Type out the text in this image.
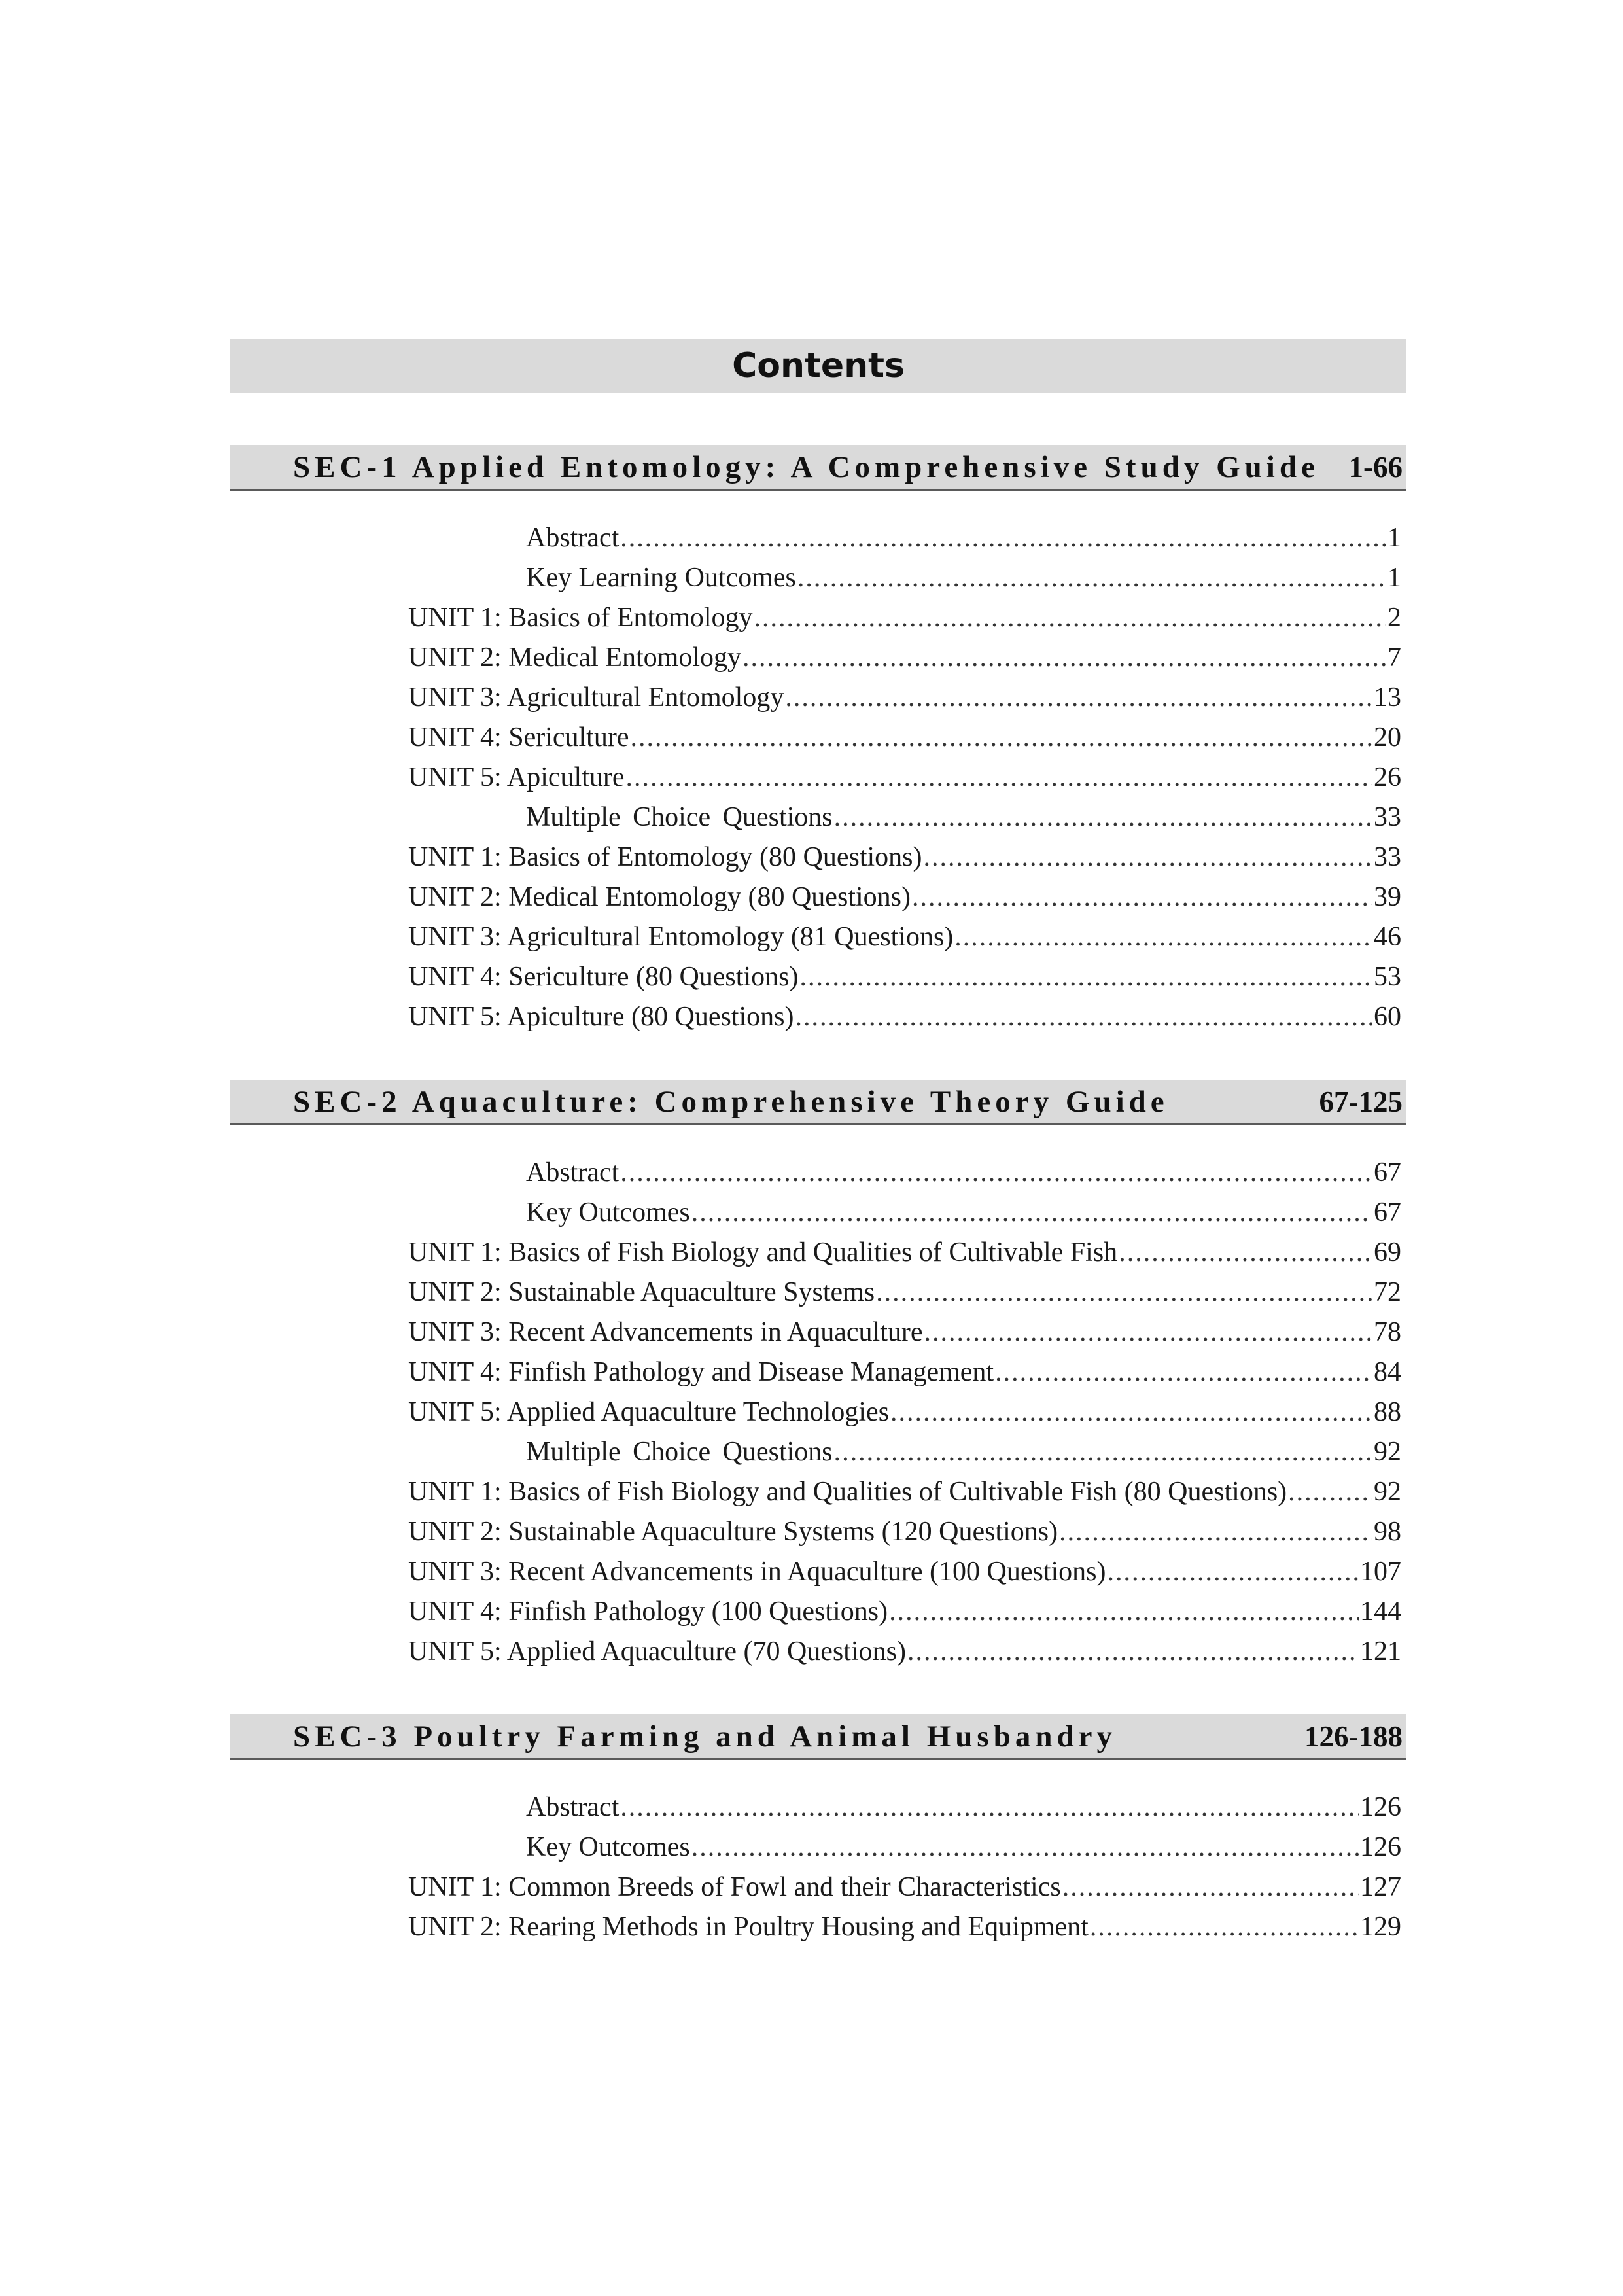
Contents
SEC-1 Applied Entomology: A Comprehensive Study Guide 1-66
Abstract .....	1
Key Learning Outcomes .....	1
UNIT 1: Basics of Entomology .....	2
UNIT 2: Medical Entomology .....	7
UNIT 3: Agricultural Entomology .....	13
UNIT 4: Sericulture .....	20
UNIT 5: Apiculture .....	26
Multiple Choice Questions .....	33
UNIT 1: Basics of Entomology (80 Questions) .....	33
UNIT 2: Medical Entomology (80 Questions) .....	39
UNIT 3: Agricultural Entomology (81 Questions) .....	46
UNIT 4: Sericulture (80 Questions) .....	53
UNIT 5: Apiculture (80 Questions) .....	60
SEC-2 Aquaculture: Comprehensive Theory Guide	67-125
Abstract .....	67
Key Outcomes .....	67
UNIT 1: Basics of Fish Biology and Qualities of Cultivable Fish .....	69
UNIT 2: Sustainable Aquaculture Systems .....	72
UNIT 3: Recent Advancements in Aquaculture .....	78
UNIT 4: Finfish Pathology and Disease Management .....	84
UNIT 5: Applied Aquaculture Technologies .....	88
Multiple Choice Questions .....	92
UNIT 1: Basics of Fish Biology and Qualities of Cultivable Fish (80 Questions) .....	92
UNIT 2: Sustainable Aquaculture Systems (120 Questions) .....	98
UNIT 3: Recent Advancements in Aquaculture (100 Questions) .....	107
UNIT 4: Finfish Pathology (100 Questions) .....	144
UNIT 5: Applied Aquaculture (70 Questions) .....	121
SEC-3 Poultry Farming and Animal Husbandry	126-188
Abstract .....	126
Key Outcomes .....	126
UNIT 1: Common Breeds of Fowl and their Characteristics .....	127
UNIT 2: Rearing Methods in Poultry Housing and Equipment .....	129
